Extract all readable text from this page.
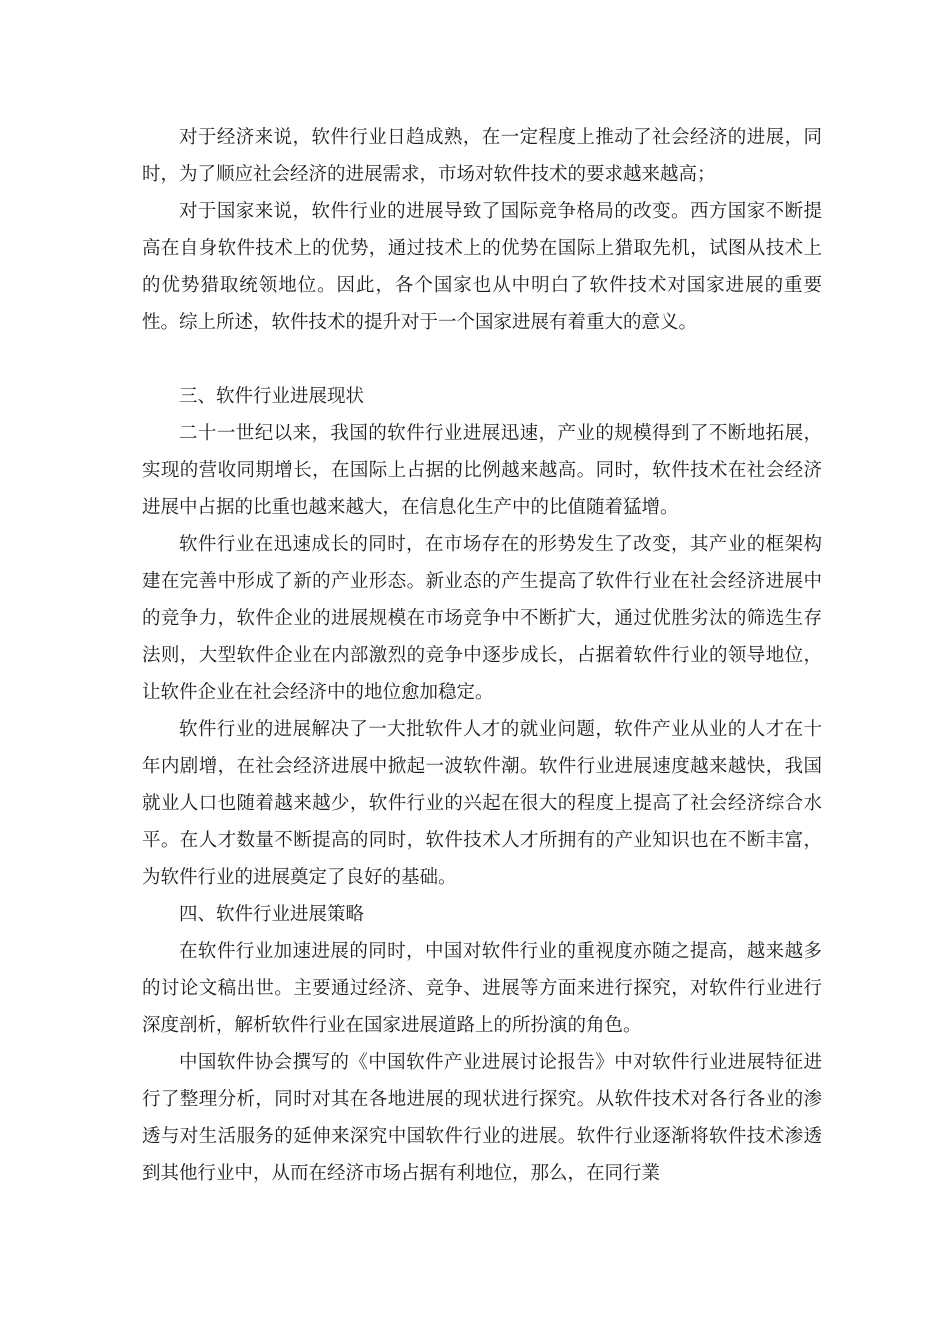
对于经济来说，软件行业日趋成熟，在一定程度上推动了社会经济的进展，同时，为了顺应社会经济的进展需求，市场对软件技术的要求越来越高；

对于国家来说，软件行业的进展导致了国际竞争格局的改变。西方国家不断提高在自身软件技术上的优势，通过技术上的优势在国际上猎取先机，试图从技术上的优势猎取统领地位。因此，各个国家也从中明白了软件技术对国家进展的重要性。综上所述，软件技术的提升对于一个国家进展有着重大的意义。

三、软件行业进展现状

二十一世纪以来，我国的软件行业进展迅速，产业的规模得到了不断地拓展，实现的营收同期增长，在国际上占据的比例越来越高。同时，软件技术在社会经济进展中占据的比重也越来越大，在信息化生产中的比值随着猛增。

软件行业在迅速成长的同时，在市场存在的形势发生了改变，其产业的框架构建在完善中形成了新的产业形态。新业态的产生提高了软件行业在社会经济进展中的竞争力，软件企业的进展规模在市场竞争中不断扩大，通过优胜劣汰的筛选生存法则，大型软件企业在内部激烈的竞争中逐步成长，占据着软件行业的领导地位，让软件企业在社会经济中的地位愈加稳定。

软件行业的进展解决了一大批软件人才的就业问题，软件产业从业的人才在十年内剧增，在社会经济进展中掀起一波软件潮。软件行业进展速度越来越快，我国就业人口也随着越来越少，软件行业的兴起在很大的程度上提高了社会经济综合水平。在人才数量不断提高的同时，软件技术人才所拥有的产业知识也在不断丰富，为软件行业的进展奠定了良好的基础。

四、软件行业进展策略

在软件行业加速进展的同时，中国对软件行业的重视度亦随之提高，越来越多的讨论文稿出世。主要通过经济、竞争、进展等方面来进行探究，对软件行业进行深度剖析，解析软件行业在国家进展道路上的所扮演的角色。

中国软件协会撰写的《中国软件产业进展讨论报告》中对软件行业进展特征进行了整理分析，同时对其在各地进展的现状进行探究。从软件技术对各行各业的渗透与对生活服务的延伸来深究中国软件行业的进展。软件行业逐渐将软件技术渗透到其他行业中，从而在经济市场占据有利地位，那么，在同行業
